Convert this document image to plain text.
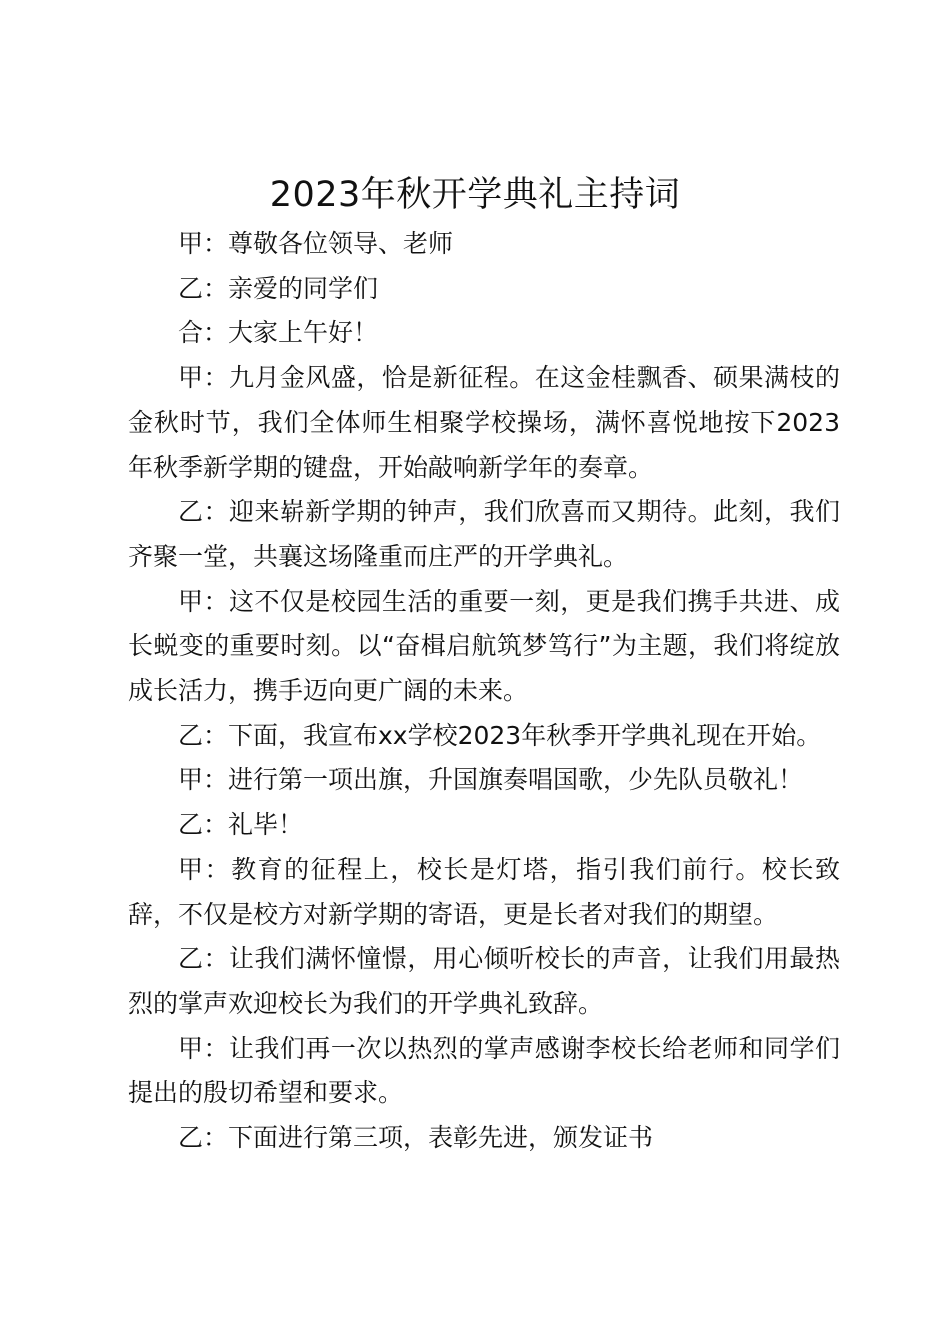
2023年秋开学典礼主持词

甲：尊敬各位领导、老师

乙：亲爱的同学们

合：大家上午好！

甲：九月金风盛，恰是新征程。在这金桂飘香、硕果满枝的金秋时节，我们全体师生相聚学校操场，满怀喜悦地按下2023年秋季新学期的键盘，开始敲响新学年的奏章。

乙：迎来崭新学期的钟声，我们欣喜而又期待。此刻，我们齐聚一堂，共襄这场隆重而庄严的开学典礼。

甲：这不仅是校园生活的重要一刻，更是我们携手共进、成长蜕变的重要时刻。以“奋楫启航筑梦笃行”为主题，我们将绽放成长活力，携手迈向更广阔的未来。

乙：下面，我宣布xx学校2023年秋季开学典礼现在开始。

甲：进行第一项出旗，升国旗奏唱国歌，少先队员敬礼！

乙：礼毕！

甲：教育的征程上，校长是灯塔，指引我们前行。校长致辞，不仅是校方对新学期的寄语，更是长者对我们的期望。

乙：让我们满怀憧憬，用心倾听校长的声音，让我们用最热烈的掌声欢迎校长为我们的开学典礼致辞。

甲：让我们再一次以热烈的掌声感谢李校长给老师和同学们提出的殷切希望和要求。

乙：下面进行第三项，表彰先进，颁发证书
